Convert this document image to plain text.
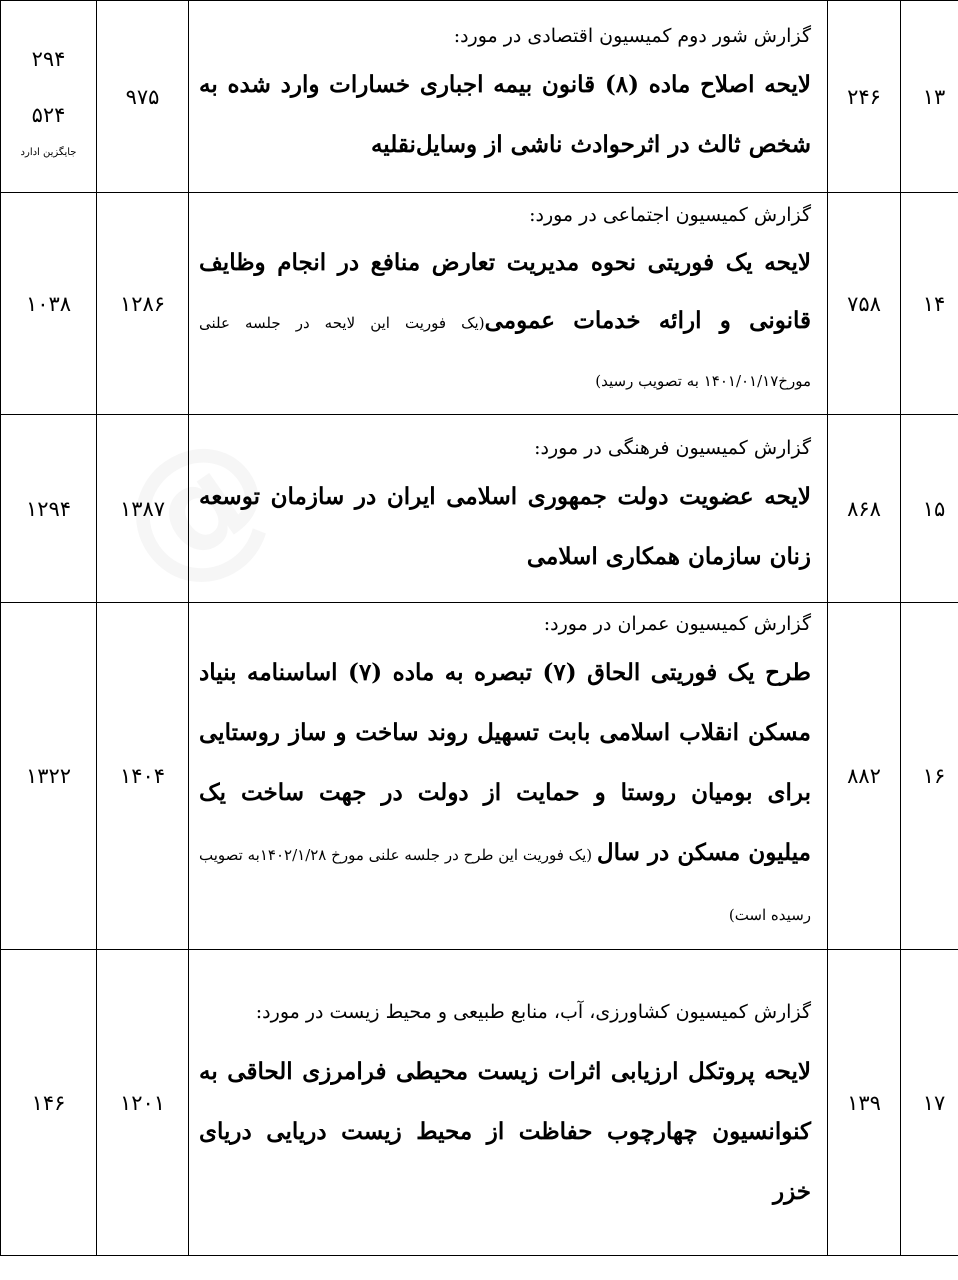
۱۳	۲۴۶	گزارش شور دوم کمیسیون اقتصادی در مورد:
لایحه اصلاح ماده (۸) قانون بیمه اجباری خسارات وارد شده به شخص ثالث در اثرحوادث ناشی از وسایل‌نقلیه	۹۷۵	۲۹۴
۵۲۴
جایگزین ادارد

۱۴	۷۵۸	گزارش کمیسیون اجتماعی در مورد:
لایحه یک فوریتی نحوه مدیریت تعارض منافع در انجام وظایف قانونی و ارائه خدمات عمومی(یک فوریت این لایحه در جلسه علنی مورخ۱۴۰۱/۰۱/۱۷ به تصویب رسید)	۱۲۸۶	۱۰۳۸
۱۵	۸۶۸	گزارش کمیسیون فرهنگی در مورد:
لایحه عضویت دولت جمهوری اسلامی ایران در سازمان توسعه زنان سازمان همکاری اسلامی	۱۳۸۷	۱۲۹۴
۱۶	۸۸۲	گزارش کمیسیون عمران در مورد:
طرح یک فوریتی الحاق (۷) تبصره به ماده (۷) اساسنامه بنیاد مسکن انقلاب اسلامی بابت تسهیل روند ساخت و ساز روستایی برای بومیان روستا و حمایت از دولت در جهت ساخت یک میلیون مسکن در سال (یک فوریت این طرح در جلسه علنی مورخ ۱۴۰۲/۱/۲۸به تصویب رسیده است)	۱۴۰۴	۱۳۲۲
۱۷	۱۳۹	گزارش کمیسیون کشاورزی، آب، منابع طبیعی و محیط زیست در مورد:
لایحه پروتکل ارزیابی اثرات زیست محیطی فرامرزی الحاقی به کنوانسیون چهارچوب حفاظت از محیط زیست دریایی دریای خزر	۱۲۰۱	۱۴۶
